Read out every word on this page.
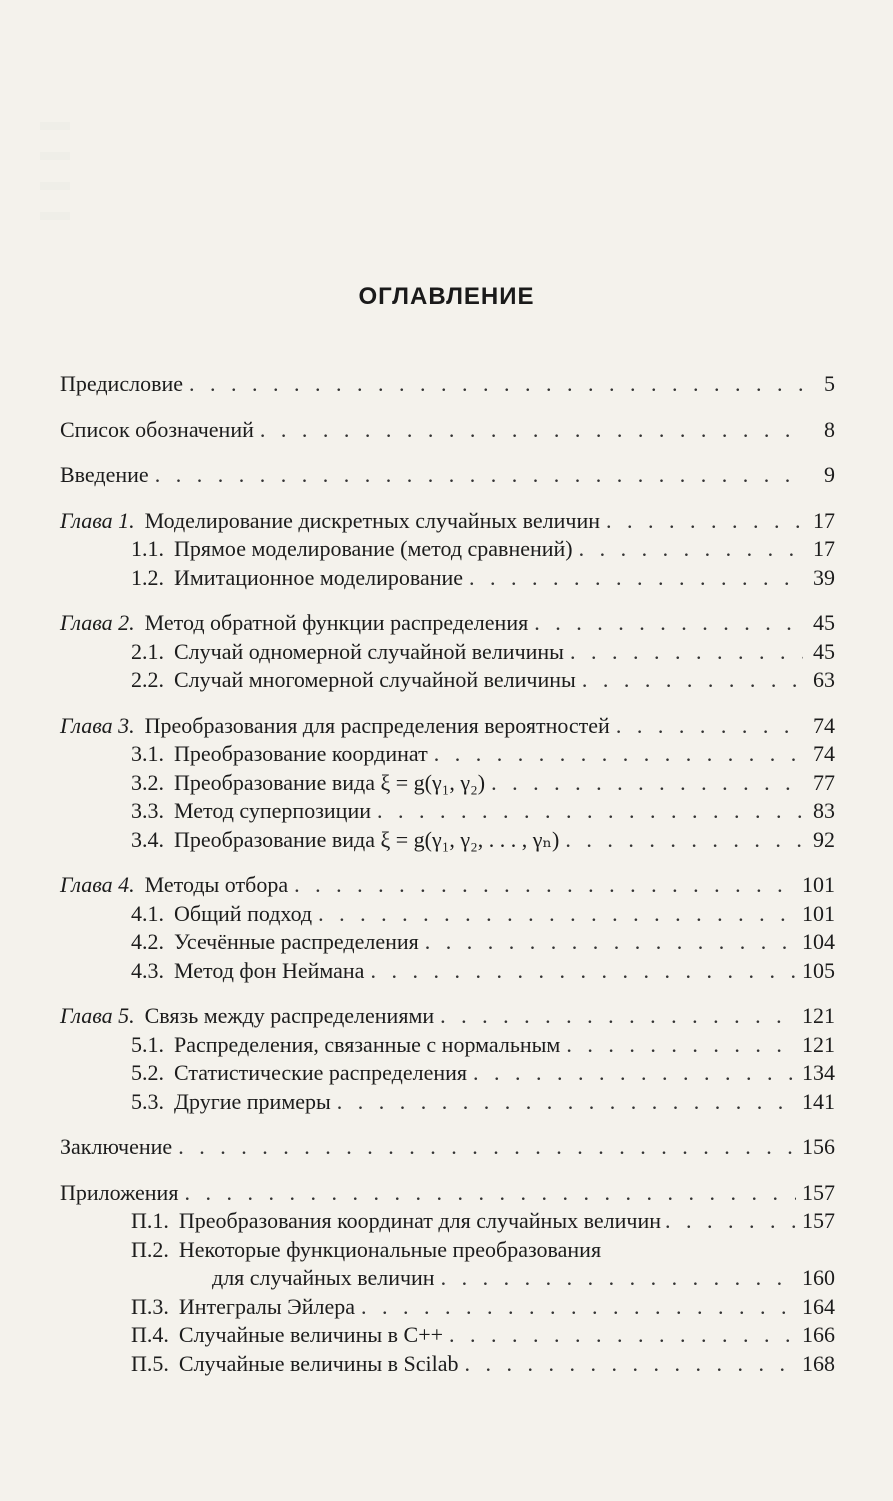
ОГЛАВЛЕНИЕ
Предисловие . . .	5
Список обозначений . . .	8
Введение . . .	9
Глава 1. Моделирование дискретных случайных величин . . .	17
1.1. Прямое моделирование (метод сравнений) . . .	17
1.2. Имитационное моделирование . . .	39
Глава 2. Метод обратной функции распределения . . .	45
2.1. Случай одномерной случайной величины . . .	45
2.2. Случай многомерной случайной величины . . .	63
Глава 3. Преобразования для распределения вероятностей . . .	74
3.1. Преобразование координат . . .	74
3.2. Преобразование вида ξ = g(γ₁, γ₂) . . .	77
3.3. Метод суперпозиции . . .	83
3.4. Преобразование вида ξ = g(γ₁, γ₂, . . . , γₙ) . . .	92
Глава 4. Методы отбора . . .	101
4.1. Общий подход . . .	101
4.2. Усечённые распределения . . .	104
4.3. Метод фон Неймана . . .	105
Глава 5. Связь между распределениями . . .	121
5.1. Распределения, связанные с нормальным . . .	121
5.2. Статистические распределения . . .	134
5.3. Другие примеры . . .	141
Заключение . . .	156
Приложения . . .	157
П.1. Преобразования координат для случайных величин . . .	157
П.2. Некоторые функциональные преобразования
для случайных величин . . .	160
П.3. Интегралы Эйлера . . .	164
П.4. Случайные величины в C++ . . .	166
П.5. Случайные величины в Scilab . . .	168
